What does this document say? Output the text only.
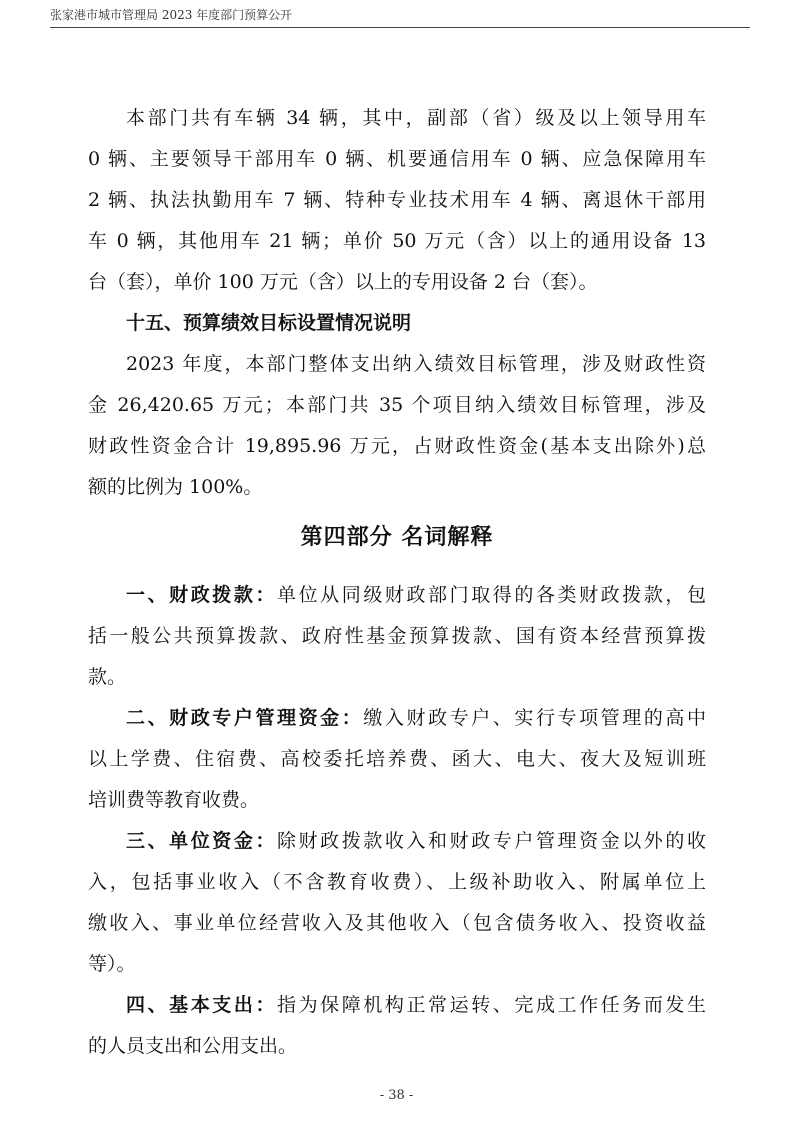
张家港市城市管理局 2023 年度部门预算公开
本部门共有车辆 34 辆，其中，副部（省）级及以上领导用车
0 辆、主要领导干部用车 0 辆、机要通信用车 0 辆、应急保障用车
2 辆、执法执勤用车 7 辆、特种专业技术用车 4 辆、离退休干部用
车 0 辆，其他用车 21 辆；单价 50 万元（含）以上的通用设备 13
台（套），单价 100 万元（含）以上的专用设备 2 台（套）。
十五、预算绩效目标设置情况说明
2023 年度，本部门整体支出纳入绩效目标管理，涉及财政性资
金 26,420.65 万元；本部门共 35 个项目纳入绩效目标管理，涉及
财政性资金合计 19,895.96 万元，占财政性资金(基本支出除外)总
额的比例为 100%。
第四部分 名词解释
一、财政拨款：单位从同级财政部门取得的各类财政拨款，包
括一般公共预算拨款、政府性基金预算拨款、国有资本经营预算拨
款。
二、财政专户管理资金：缴入财政专户、实行专项管理的高中
以上学费、住宿费、高校委托培养费、函大、电大、夜大及短训班
培训费等教育收费。
三、单位资金：除财政拨款收入和财政专户管理资金以外的收
入，包括事业收入（不含教育收费）、上级补助收入、附属单位上
缴收入、事业单位经营收入及其他收入（包含债务收入、投资收益
等）。
四、基本支出：指为保障机构正常运转、完成工作任务而发生
的人员支出和公用支出。
- 38 -
